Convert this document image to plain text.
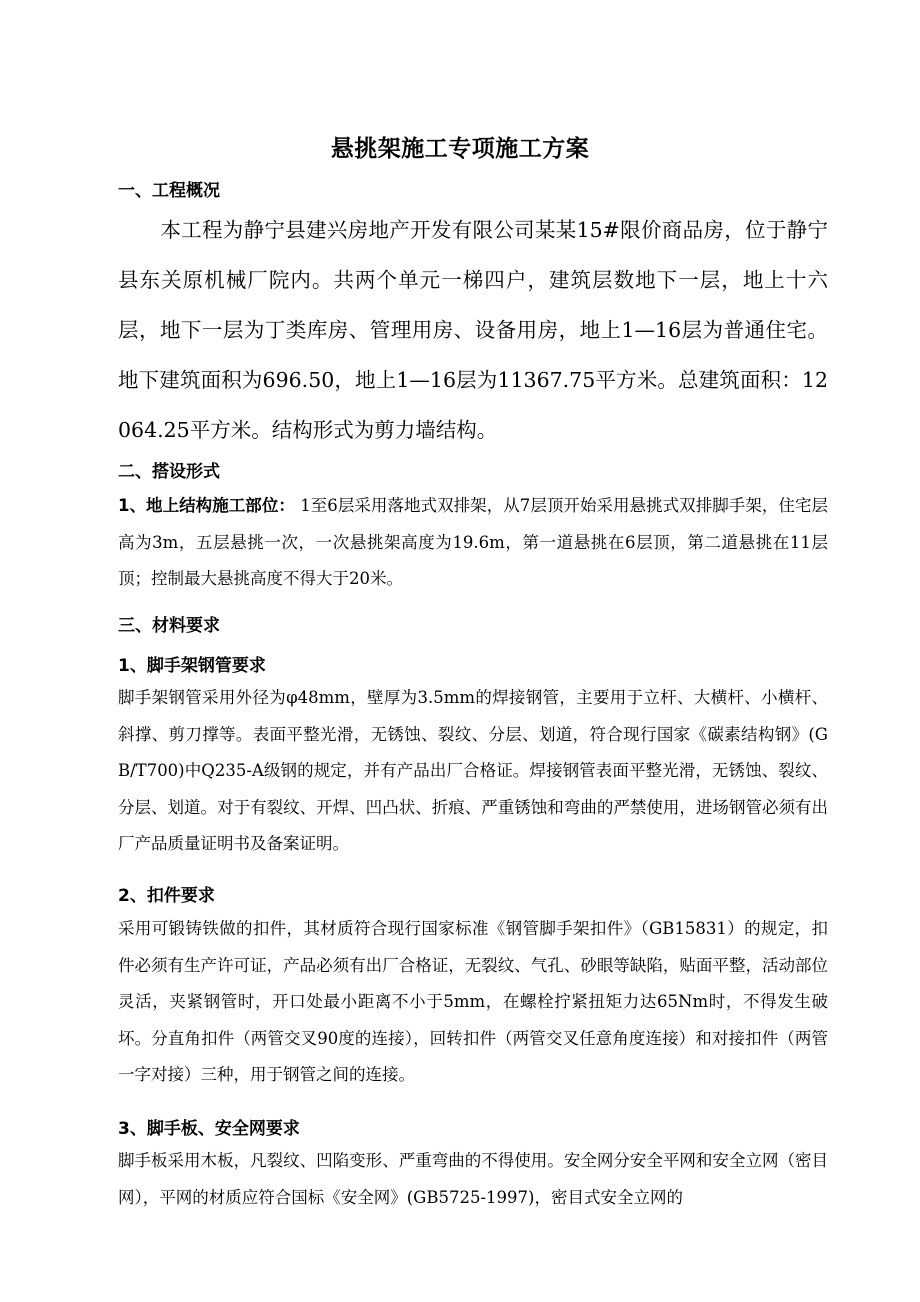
悬挑架施工专项施工方案
一、工程概况

本工程为静宁县建兴房地产开发有限公司某某15#限价商品房，位于静宁县东关原机械厂院内。共两个单元一梯四户，建筑层数地下一层，地上十六层，地下一层为丁类库房、管理用房、设备用房，地上1—16层为普通住宅。地下建筑面积为696.50，地上1—16层为11367.75平方米。总建筑面积：12064.25平方米。结构形式为剪力墙结构。

二、搭设形式

1、地上结构施工部位： 1至6层采用落地式双排架，从7层顶开始采用悬挑式双排脚手架，住宅层高为3m，五层悬挑一次，一次悬挑架高度为19.6m，第一道悬挑在6层顶，第二道悬挑在11层顶；控制最大悬挑高度不得大于20米。

三、材料要求
1、脚手架钢管要求

脚手架钢管采用外径为φ48mm，壁厚为3.5mm的焊接钢管，主要用于立杆、大横杆、小横杆、斜撑、剪刀撑等。表面平整光滑，无锈蚀、裂纹、分层、划道，符合现行国家《碳素结构钢》(GB/T700)中Q235-A级钢的规定，并有产品出厂合格证。焊接钢管表面平整光滑，无锈蚀、裂纹、分层、划道。对于有裂纹、开焊、凹凸状、折痕、严重锈蚀和弯曲的严禁使用，进场钢管必须有出厂产品质量证明书及备案证明。

2、扣件要求

采用可锻铸铁做的扣件，其材质符合现行国家标准《钢管脚手架扣件》（GB15831）的规定，扣件必须有生产许可证，产品必须有出厂合格证，无裂纹、气孔、砂眼等缺陷，贴面平整，活动部位灵活，夹紧钢管时，开口处最小距离不小于5mm，在螺栓拧紧扭矩力达65Nm时，不得发生破坏。分直角扣件（两管交叉90度的连接），回转扣件（两管交叉任意角度连接）和对接扣件（两管一字对接）三种，用于钢管之间的连接。

3、脚手板、安全网要求

脚手板采用木板，凡裂纹、凹陷变形、严重弯曲的不得使用。安全网分安全平网和安全立网（密目网），平网的材质应符合国标《安全网》(GB5725-1997)，密目式安全立网的
